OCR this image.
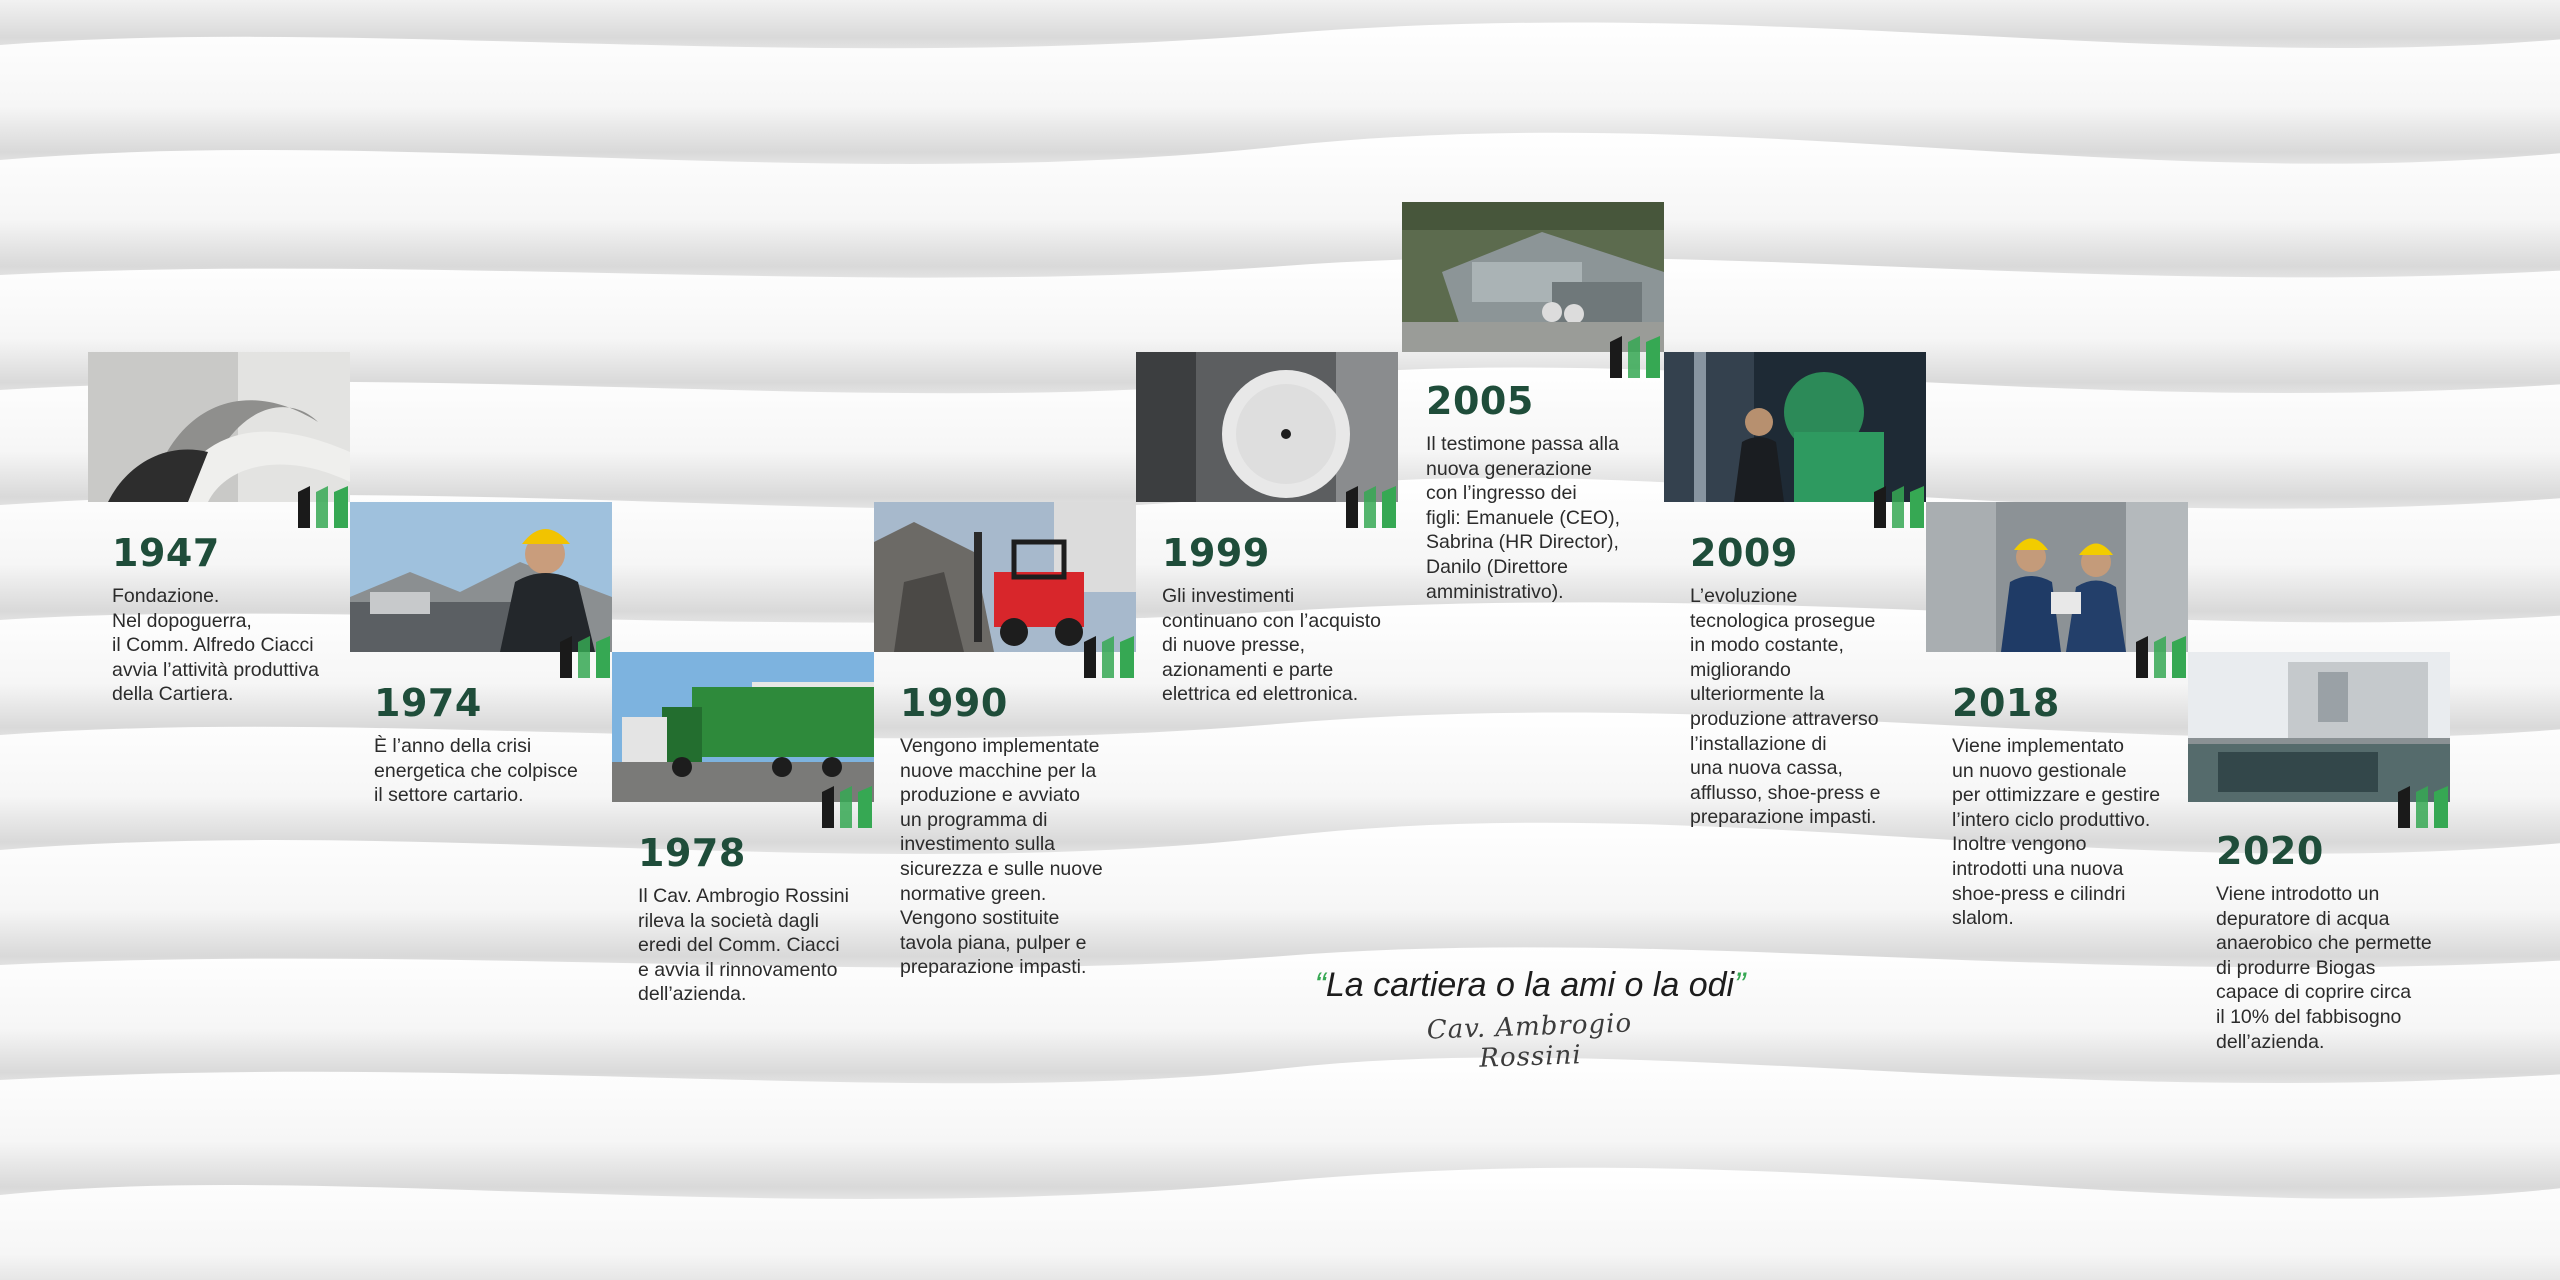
1947
Fondazione.
Nel dopoguerra,
il Comm. Alfredo Ciacci
avvia l’attività produttiva
della Cartiera.	1974
È l’anno della crisi
energetica che colpisce
il settore cartario.
1978
Il Cav. Ambrogio Rossini
rileva la società dagli
eredi del Comm. Ciacci
e avvia il rinnovamento
dell’azienda.
1990
Vengono implementate
nuove macchine per la
produzione e avviato
un programma di
investimento sulla
sicurezza e sulle nuove
normative green.
Vengono sostituite
tavola piana, pulper e
preparazione impasti.
1999
Gli investimenti
continuano con l’acquisto
di nuove presse,
azionamenti e parte
elettrica ed elettronica.
2005
Il testimone passa alla
nuova generazione
con l’ingresso dei
figli: Emanuele (CEO),
Sabrina (HR Director),
Danilo (Direttore
amministrativo).
2009
L’evoluzione
tecnologica prosegue
in modo costante,
migliorando
ulteriormente la
produzione attraverso
l’installazione di
una nuova cassa,
afflusso, shoe-press e
preparazione impasti.
2018
Viene implementato
un nuovo gestionale
per ottimizzare e gestire
l’intero ciclo produttivo.
Inoltre vengono
introdotti una nuova
shoe-press e cilindri
slalom.
2020
Viene introdotto un
depuratore di acqua
anaerobico che permette
di produrre Biogas
capace di coprire circa
il 10% del fabbisogno
dell’azienda.
“La cartiera o la ami o la odi”
Cav. Ambrogio Rossini
